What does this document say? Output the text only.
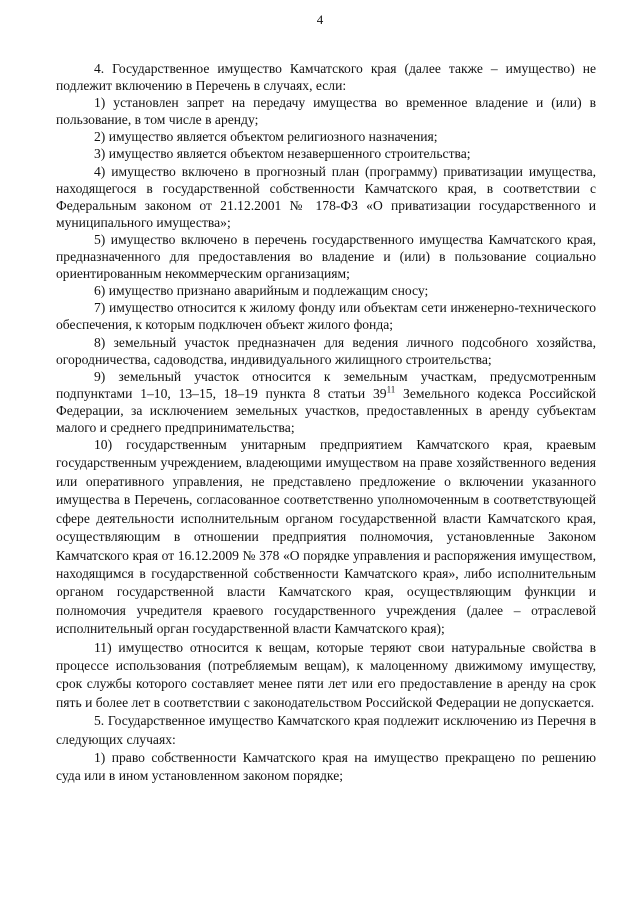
4

4. Государственное имущество Камчатского края (далее также – имущество) не подлежит включению в Перечень в случаях, если:

1) установлен запрет на передачу имущества во временное владение и (или) в пользование, в том числе в аренду;

2) имущество является объектом религиозного назначения;

3) имущество является объектом незавершенного строительства;

4) имущество включено в прогнозный план (программу) приватизации имущества, находящегося в государственной собственности Камчатского края, в соответствии с Федеральным законом от 21.12.2001 № 178-ФЗ «О приватизации государственного и муниципального имущества»;

5) имущество включено в перечень государственного имущества Камчатского края, предназначенного для предоставления во владение и (или) в пользование социально ориентированным некоммерческим организациям;

6) имущество признано аварийным и подлежащим сносу;

7) имущество относится к жилому фонду или объектам сети инженерно-технического обеспечения, к которым подключен объект жилого фонда;

8) земельный участок предназначен для ведения личного подсобного хозяйства, огородничества, садоводства, индивидуального жилищного строительства;

9) земельный участок относится к земельным участкам, предусмотренным подпунктами 1–10, 13–15, 18–19 пункта 8 статьи $39^{11}$ Земельного кодекса Российской Федерации, за исключением земельных участков, предоставленных в аренду субъектам малого и среднего предпринимательства;

10) государственным унитарным предприятием Камчатского края, краевым государственным учреждением, владеющими имуществом на праве хозяйственного ведения или оперативного управления, не представлено предложение о включении указанного имущества в Перечень, согласованное соответственно уполномоченным в соответствующей сфере деятельности исполнительным органом государственной власти Камчатского края, осуществляющим в отношении предприятия полномочия, установленные Законом Камчатского края от 16.12.2009 № 378 «О порядке управления и распоряжения имуществом, находящимся в государственной собственности Камчатского края», либо исполнительным органом государственной власти Камчатского края, осуществляющим функции и полномочия учредителя краевого государственного учреждения (далее – отраслевой исполнительный орган государственной власти Камчатского края);

11) имущество относится к вещам, которые теряют свои натуральные свойства в процессе использования (потребляемым вещам), к малоценному движимому имуществу, срок службы которого составляет менее пяти лет или его предоставление в аренду на срок пять и более лет в соответствии с законодательством Российской Федерации не допускается.

5. Государственное имущество Камчатского края подлежит исключению из Перечня в следующих случаях:

1) право собственности Камчатского края на имущество прекращено по решению суда или в ином установленном законом порядке;
